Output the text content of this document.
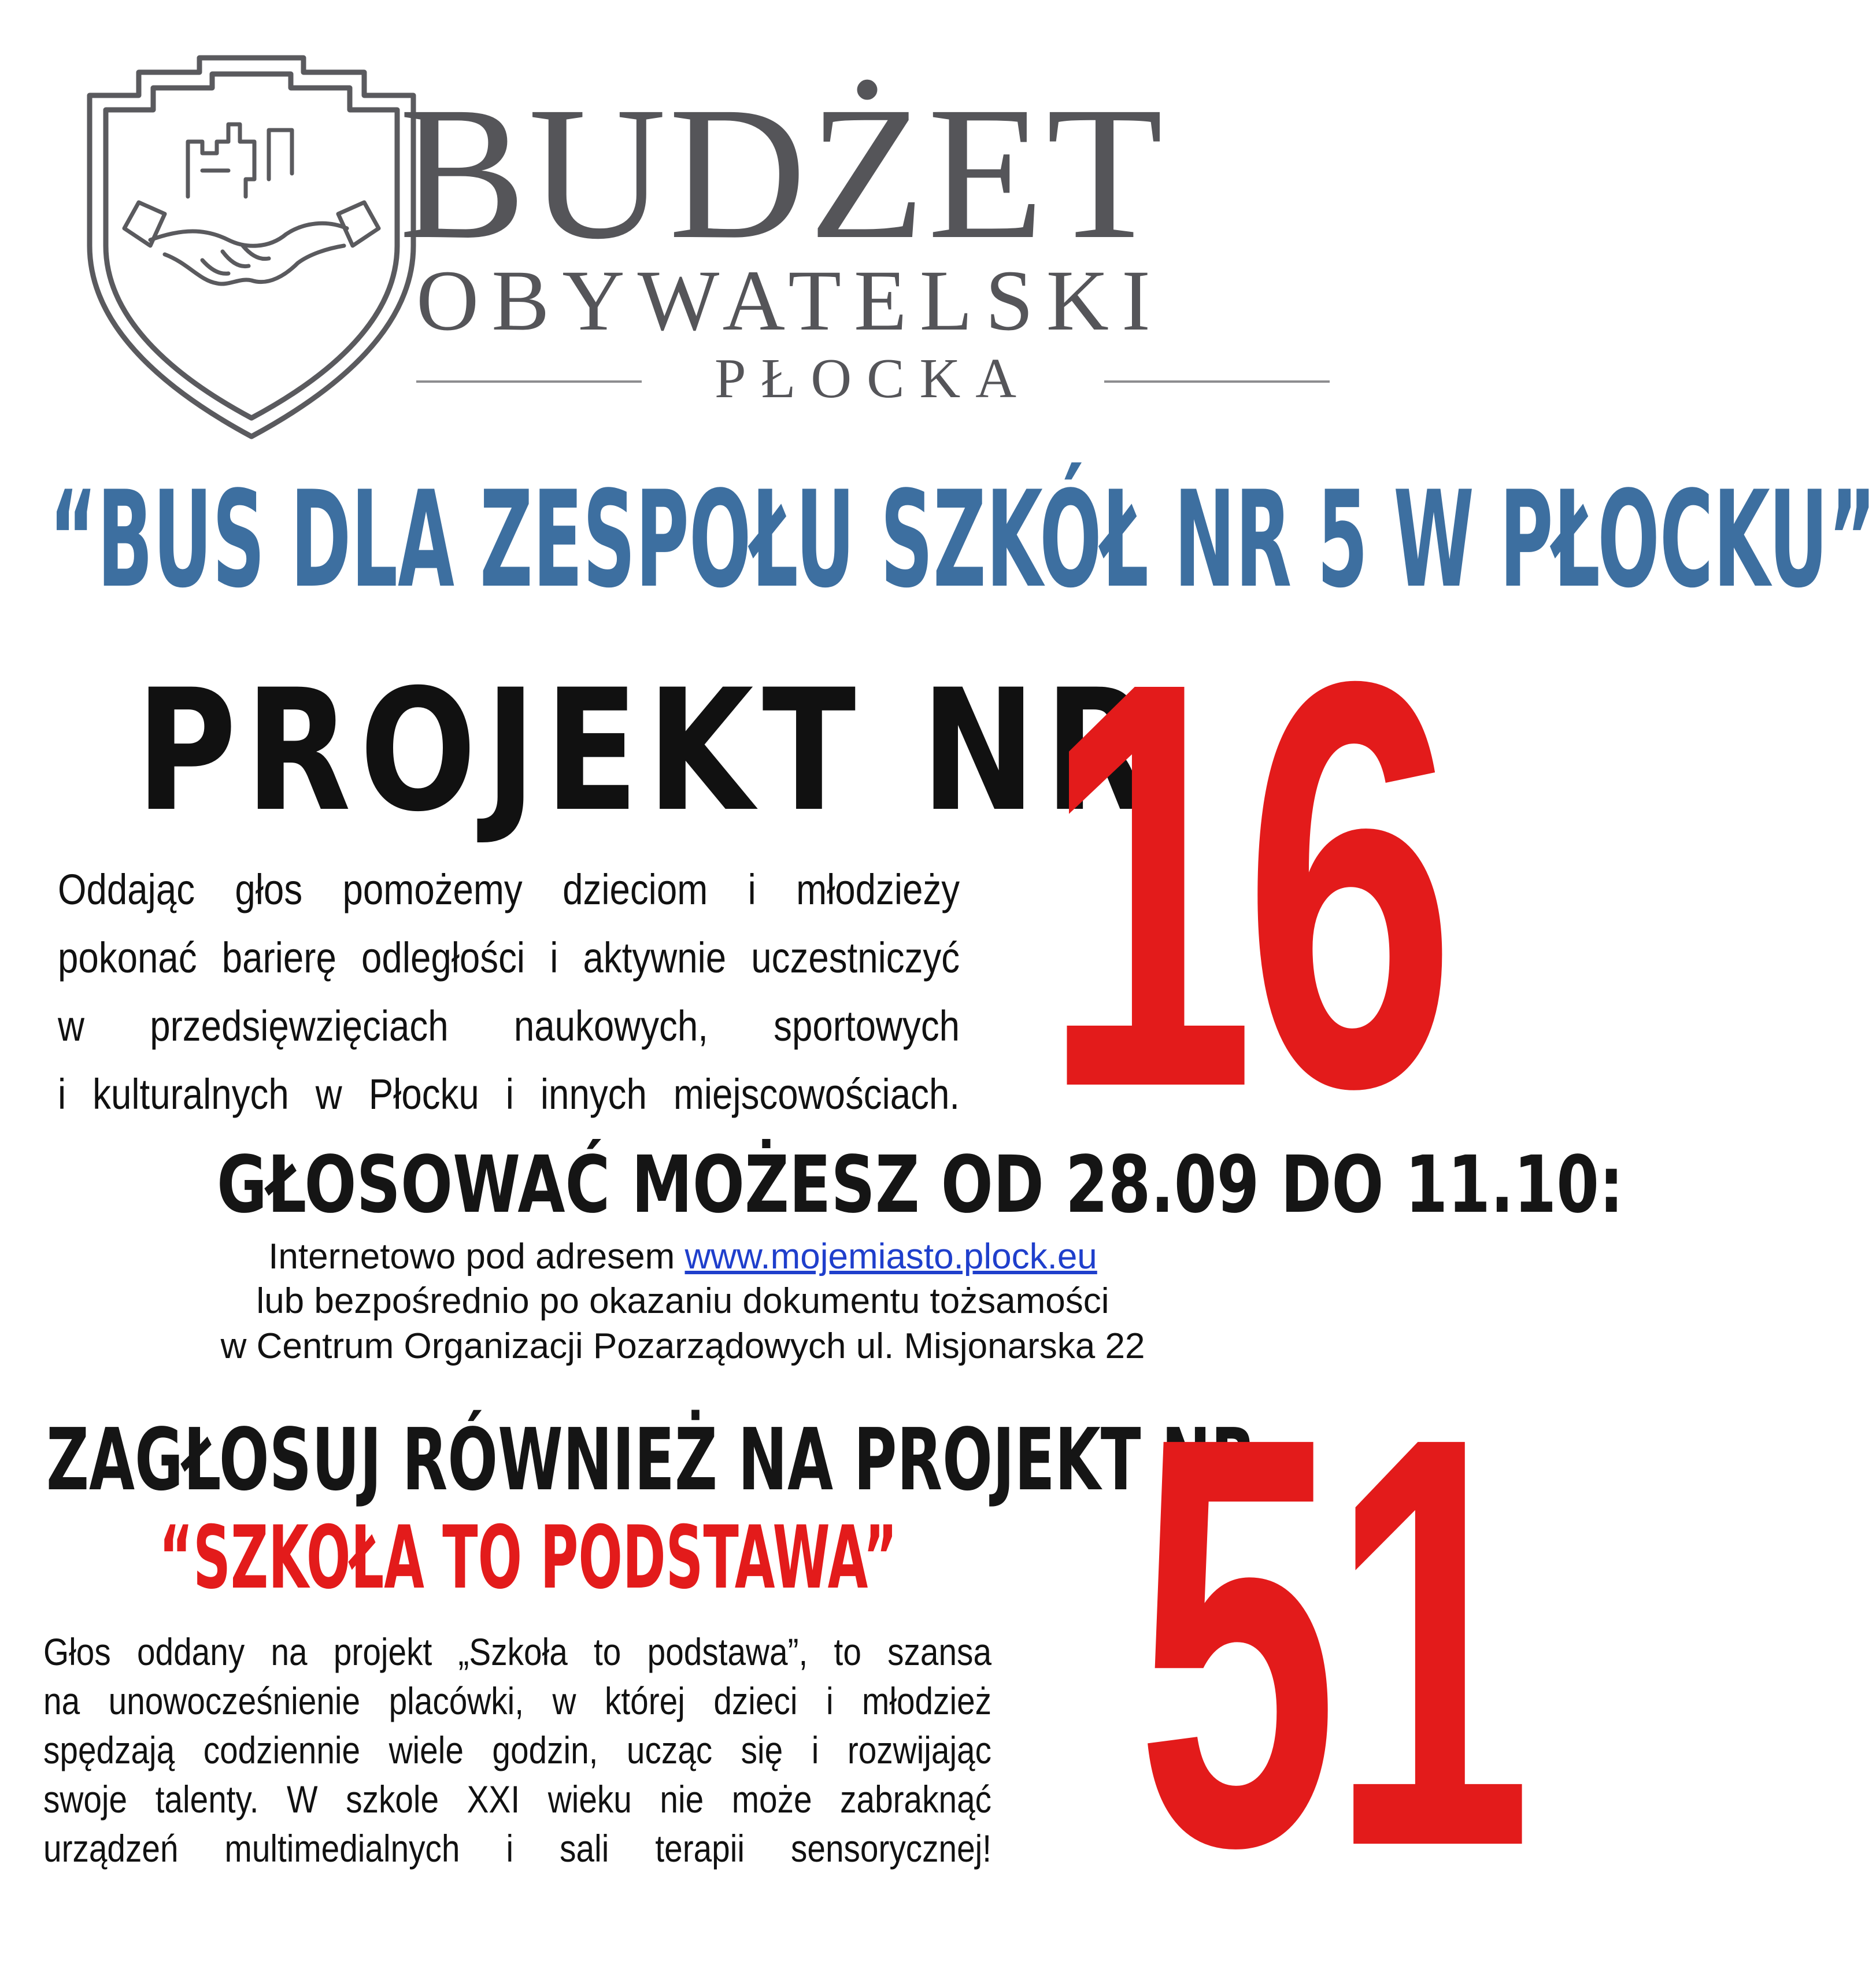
BUDŻET
OBYWATELSKI
PŁOCKA
“BUS DLA ZESPOŁU SZKÓŁ NR 5 W PŁOCKU”
PROJEKT NR
16
Oddając głos pomożemy dzieciom i młodzieży
pokonać barierę odległości i aktywnie uczestniczyć
w przedsięwzięciach naukowych, sportowych
i kulturalnych w Płocku i innych miejscowościach.
GŁOSOWAĆ MOŻESZ OD 28.09 DO 11.10:
Internetowo pod adresem www.mojemiasto.plock.eu
lub bezpośrednio po okazaniu dokumentu tożsamości
w Centrum Organizacji Pozarządowych ul. Misjonarska 22
ZAGŁOSUJ RÓWNIEŻ NA PROJEKT NR
“SZKOŁA TO PODSTAWA” 51
Głos oddany na projekt „Szkoła to podstawa”, to szansa
na unowocześnienie placówki, w której dzieci i młodzież
spędzają codziennie wiele godzin, ucząc się i rozwijając
swoje talenty. W szkole XXI wieku nie może zabraknąć
urządzeń multimedialnych i sali terapii sensorycznej!
